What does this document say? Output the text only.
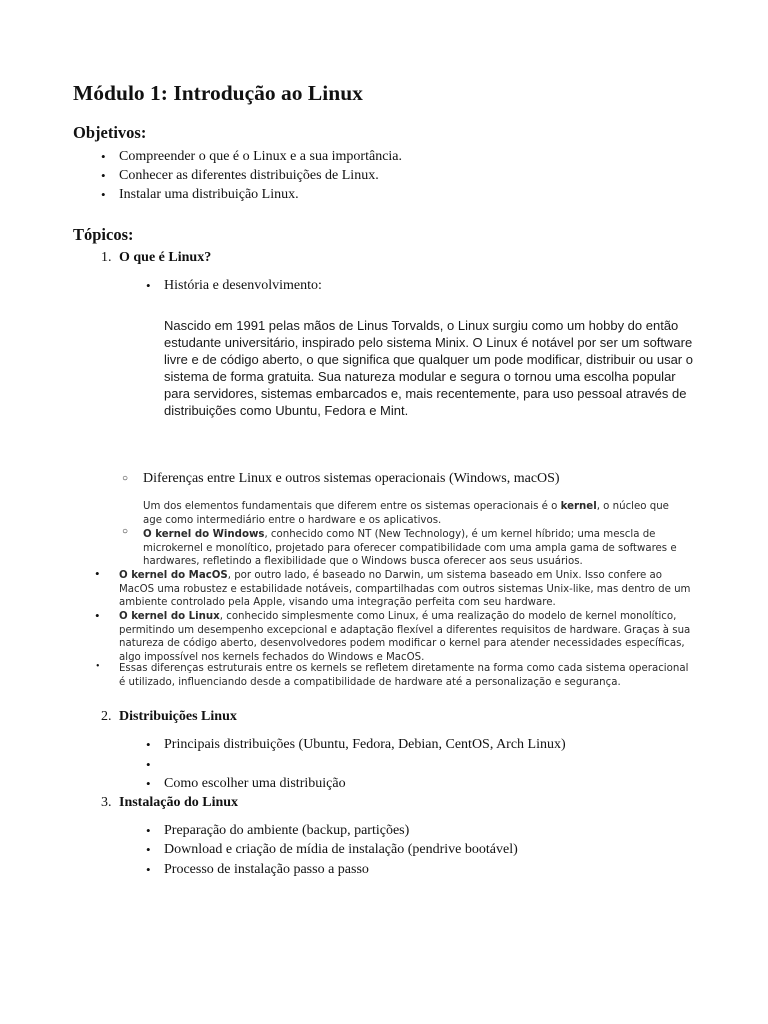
Módulo 1: Introdução ao Linux
Objetivos:
• Compreender o que é o Linux e a sua importância.
• Conhecer as diferentes distribuições de Linux.
• Instalar uma distribuição Linux.
Tópicos:
1. O que é Linux?
• História e desenvolvimento:
Nascido em 1991 pelas mãos de Linus Torvalds, o Linux surgiu como um hobby do então estudante universitário, inspirado pelo sistema Minix. O Linux é notável por ser um software livre e de código aberto, o que significa que qualquer um pode modificar, distribuir ou usar o sistema de forma gratuita. Sua natureza modular e segura o tornou uma escolha popular para servidores, sistemas embarcados e, mais recentemente, para uso pessoal através de distribuições como Ubuntu, Fedora e Mint.
○ Diferenças entre Linux e outros sistemas operacionais (Windows, macOS)
Um dos elementos fundamentais que diferem entre os sistemas operacionais é o kernel, o núcleo que age como intermediário entre o hardware e os aplicativos.
○ O kernel do Windows, conhecido como NT (New Technology), é um kernel híbrido; uma mescla de microkernel e monolítico, projetado para oferecer compatibilidade com uma ampla gama de softwares e hardwares, refletindo a flexibilidade que o Windows busca oferecer aos seus usuários.
• O kernel do MacOS, por outro lado, é baseado no Darwin, um sistema baseado em Unix. Isso confere ao MacOS uma robustez e estabilidade notáveis, compartilhadas com outros sistemas Unix-like, mas dentro de um ambiente controlado pela Apple, visando uma integração perfeita com seu hardware.
• O kernel do Linux, conhecido simplesmente como Linux, é uma realização do modelo de kernel monolítico, permitindo um desempenho excepcional e adaptação flexível a diferentes requisitos de hardware. Graças à sua natureza de código aberto, desenvolvedores podem modificar o kernel para atender necessidades específicas, algo impossível nos kernels fechados do Windows e MacOS.
• Essas diferenças estruturais entre os kernels se refletem diretamente na forma como cada sistema operacional é utilizado, influenciando desde a compatibilidade de hardware até a personalização e segurança.
2. Distribuições Linux
• Principais distribuições (Ubuntu, Fedora, Debian, CentOS, Arch Linux)
•
• Como escolher uma distribuição
3. Instalação do Linux
• Preparação do ambiente (backup, partições)
• Download e criação de mídia de instalação (pendrive bootável)
• Processo de instalação passo a passo
